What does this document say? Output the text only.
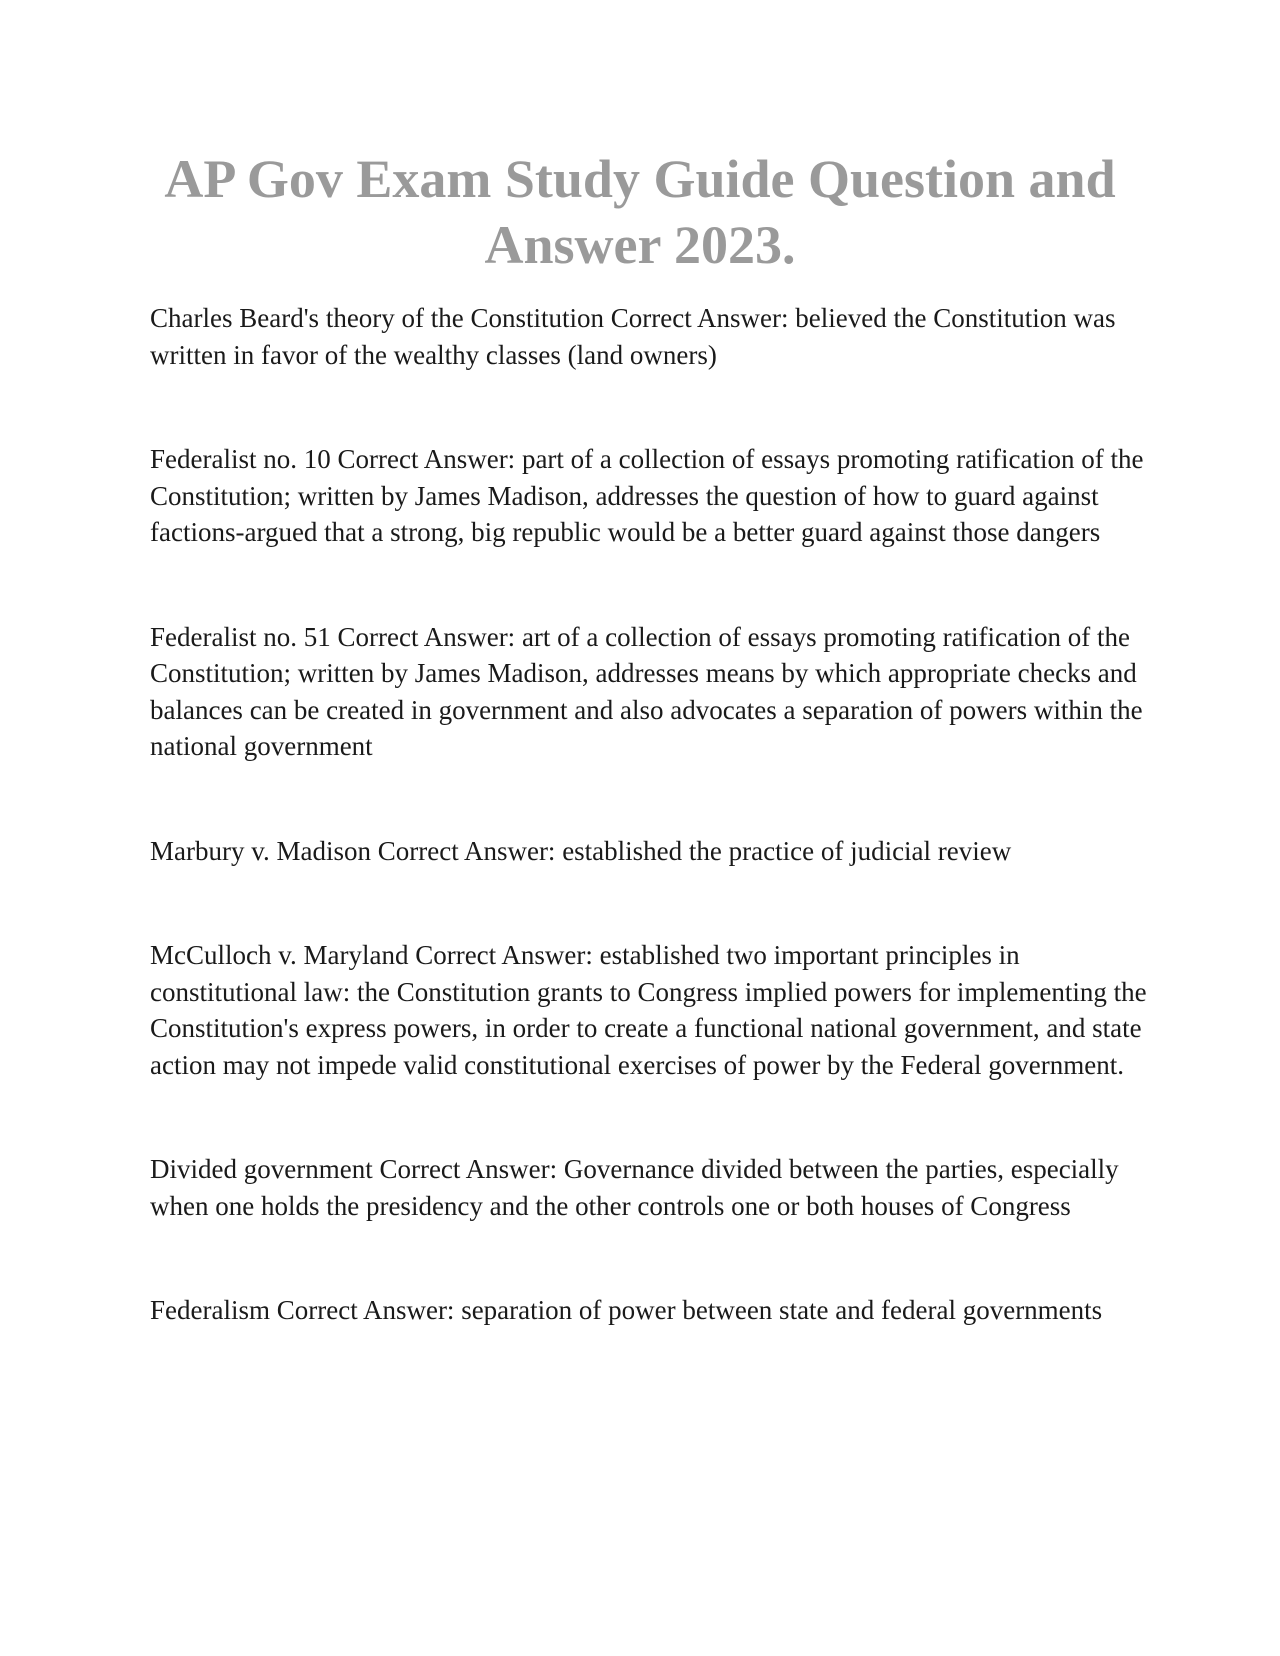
AP Gov Exam Study Guide Question and Answer 2023.
Charles Beard's theory of the Constitution Correct Answer: believed the Constitution was written in favor of the wealthy classes (land owners)
Federalist no. 10 Correct Answer: part of a collection of essays promoting ratification of the Constitution; written by James Madison, addresses the question of how to guard against factions-argued that a strong, big republic would be a better guard against those dangers
Federalist no. 51 Correct Answer: art of a collection of essays promoting ratification of the Constitution; written by James Madison, addresses means by which appropriate checks and balances can be created in government and also advocates a separation of powers within the national government
Marbury v. Madison Correct Answer: established the practice of judicial review
McCulloch v. Maryland Correct Answer: established two important principles in constitutional law: the Constitution grants to Congress implied powers for implementing the Constitution's express powers, in order to create a functional national government, and state action may not impede valid constitutional exercises of power by the Federal government.
Divided government Correct Answer: Governance divided between the parties, especially when one holds the presidency and the other controls one or both houses of Congress
Federalism Correct Answer: separation of power between state and federal governments
